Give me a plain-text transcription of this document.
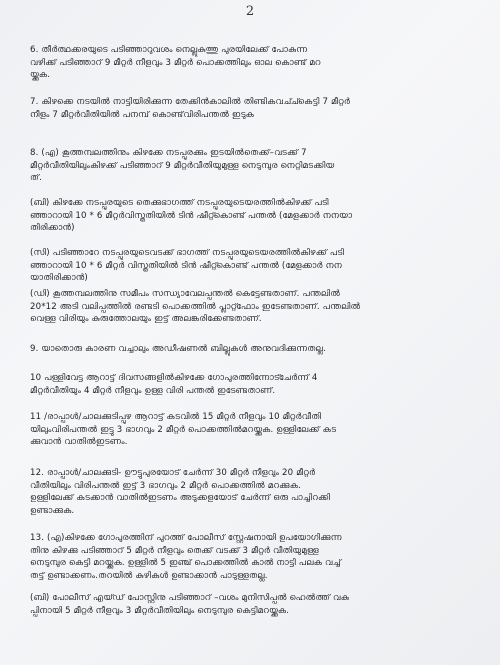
2
6. തീർത്ഥക്കരയുടെ പടിഞ്ഞാറുവശം നെല്ലുകുത്തു പുരയിലേക്ക് പോകുന്ന
വഴിക്ക് പടിഞ്ഞാറ് 9 മീറ്റർ നീളവും 3 മീറ്റർ പൊക്കത്തിലും ഓല കൊണ്ട് മറ
യ്ക്കുക.
7. കിഴക്കെ നടയിൽ നാട്ടിയിരിക്കുന്ന തേക്കിൻകാലിൽ തിണ്ടികവച്ച്കെട്ടി 7 മീറ്റർ
നീളം 7 മീറ്റർവീതിയിൽ പനമ്പ് കൊണ്ട്‌വിരിപന്തൽ ഇടുക
8. (എ) കൂത്തമ്പലത്തിനും കിഴക്കേ നടപ്പുരക്കും ഇടയിൽതെക്ക്–വടക്ക് 7
മീറ്റർവീതിയിലുംകിഴക്ക് പടിഞ്ഞാറ് 9 മീറ്റർവീതിയുമുള്ള നെടുമ്പുര നെറ്റിമടക്കിയ
ത്.
(ബി) കിഴക്കേ നടപ്പുരയുടെ തെക്കുഭാഗത്ത് നടപ്പുരയുടെയരത്തിൽകിഴക്ക് പടി
ഞ്ഞാറായി 10 * 6 മീറ്റർവിസ്തൃതിയിൽ ടിൻ ഷീറ്റ്കൊണ്ട് പന്തൽ (മേളക്കാർ നനയാ
തിരിക്കാൻ)
(സി) പടിഞ്ഞാറേ നടപ്പുരയുടെവടക്ക് ഭാഗത്ത് നടപ്പുരയുടെയരത്തിൽകിഴക്ക് പടി
ഞ്ഞാറായി 10 * 6 മീറ്റർ വിസ്തൃതിയിൽ ടിൻ ഷീറ്റ്കൊണ്ട് പന്തൽ (മേളക്കാർ നന
യാതിരിക്കാൻ)
(ഡി) കൂത്തമ്പലത്തിനു സമീപം സന്ധ്യാവേലപ്പന്തൽ കെട്ടേണ്ടതാണ്. പന്തലിൽ
20*12 അടി വലിപ്പത്തിൽ രണ്ടടി പൊക്കത്തിൽ പ്ലാറ്റ്ഫോം ഇടേണ്ടതാണ്. പന്തലിൽ
വെള്ള വിരിയും കുരുത്തോലയും ഇട്ട് അലങ്കരിക്കേണ്ടതാണ്.
9. യാതൊരു കാരണ വച്ചാലും അഡീഷണൽ ബില്ലുകൾ അനുവദിക്കുന്നതല്ല.
10 പള്ളിവേട്ട ആറാട്ട് ദിവസങ്ങളിൽകിഴക്കേ ഗോപുരത്തിന്നോട്ചേർന്ന് 4
മീറ്റർവീതിയും 4 മീറ്റർ നീളവും ഉള്ള വിരി പന്തൽ ഇടേണ്ടതാണ്.
11 /രാപ്പാൾ/ചാലക്കുടിപ്പുഴ ആറാട്ട് കടവിൽ 15 മീറ്റർ നീളവും 10 മീറ്റർവീതി
യിലുംവിരിപന്തൽ ഇട്ടു 3 ഭാഗവും 2 മീറ്റർ പൊക്കത്തിൽമറയ്ക്കുക. ഉള്ളിലേക്ക് കട
ക്കുവാൻ വാതിൽഇടണം.
12. രാപ്പാൾ/ചാലക്കുടി- ഊട്ടുപുരയോട് ചേർന്ന് 30 മീറ്റർ നീളവും 20 മീറ്റർ
വീതിയിലും വിരിപന്തൽ ഇട്ട് 3 ഭാഗവും 2 മീറ്റർ പൊക്കത്തിൽ മറക്കുക.
ഉള്ളിലേക്ക് കടക്കാൻ വാതിൽഇടണം അടുക്കളയോട് ചേർന്ന് ഒരു പാച്ചിറക്കി
ഉണ്ടാക്കുക.
13. (എ)കിഴക്കേ ഗോപുരത്തിന് പുറത്ത് പോലീസ് സ്റ്റേഷനായി ഉപയോഗിക്കുന്ന
തിനു കിഴക്കു പടിഞ്ഞാറ് 5 മീറ്റർ നീളവും തെക്ക് വടക്ക് 3 മീറ്റർ വീതിയുമുള്ള
നെടുമ്പുര കെട്ടി മറയ്ക്കുക. ഉള്ളിൽ 5 ഇഞ്ച് പൊക്കത്തിൽ കാൽ നാട്ടി പലക വച്ച്
തട്ട് ഉണ്ടാക്കണം.തറയിൽ കുഴികൾ ഉണ്ടാക്കാൻ പാടുള്ളതല്ല.
(ബി) പോലീസ് എയ്ഡ് പോസ്റ്റിനു പടിഞ്ഞാറ് –വശം മുനിസിപ്പൽ ഹെൽത്ത് വകു
പ്പിനായി 5 മീറ്റർ നീളവും 3 മീറ്റർവീതിയിലും നെടുമ്പുര കെട്ടിമറയ്ക്കുക.
